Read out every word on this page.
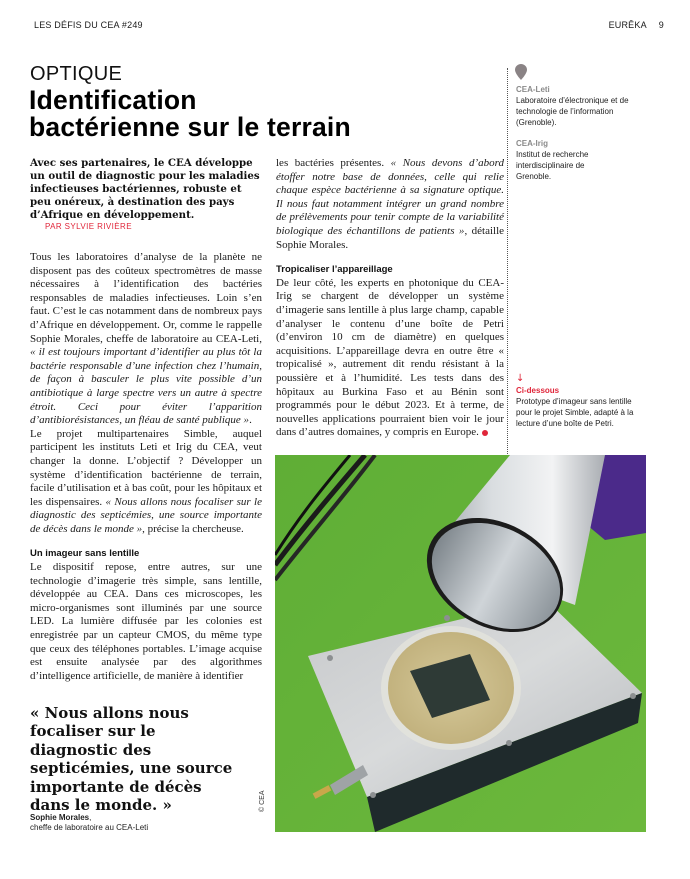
LES DÉFIS DU CEA #249	EURÊKA 9
OPTIQUE
Identification
bactérienne sur le terrain
CEA-Leti
Laboratoire d’électronique et de technologie de l’information (Grenoble).
CEA-Irig
Institut de recherche interdisciplinaire de Grenoble.
↓
Ci-dessous
Prototype d’imageur sans lentille pour le projet Simble, adapté à la lecture d’une boîte de Petri.
Avec ses partenaires, le CEA développe un outil de diagnostic pour les maladies infectieuses bactériennes, robuste et peu onéreux, à destination des pays d’Afrique en développement.
PAR SYLVIE RIVIÈRE
Tous les laboratoires d’analyse de la planète ne disposent pas des coûteux spectromètres de masse nécessaires à l’identification des bactéries responsables de maladies infectieuses. Loin s’en faut. C’est le cas notamment dans de nombreux pays d’Afrique en développement. Or, comme le rappelle Sophie Morales, cheffe de laboratoire au CEA-Leti, « il est toujours important d’identifier au plus tôt la bactérie responsable d’une infection chez l’humain, de façon à basculer le plus vite possible d’un antibiotique à large spectre vers un autre à spectre étroit. Ceci pour éviter l’apparition d’antibiorésistances, un fléau de santé publique ».
Le projet multipartenaires Simble, auquel participent les instituts Leti et Irig du CEA, veut changer la donne. L’objectif ? Développer un système d’identification bactérienne de terrain, facile d’utilisation et à bas coût, pour les hôpitaux et les dispensaires. « Nous allons nous focaliser sur le diagnostic des septicémies, une source importante de décès dans le monde », précise la chercheuse.
Un imageur sans lentille
Le dispositif repose, entre autres, sur une technologie d’imagerie très simple, sans lentille, développée au CEA. Dans ces microscopes, les micro-organismes sont illuminés par une source LED. La lumière diffusée par les colonies est enregistrée par un capteur CMOS, du même type que ceux des téléphones portables. L’image acquise est ensuite analysée par des algorithmes d’intelligence artificielle, de manière à identifier
les bactéries présentes. « Nous devons d’abord étoffer notre base de données, celle qui relie chaque espèce bactérienne à sa signature optique. Il nous faut notamment intégrer un grand nombre de prélèvements pour tenir compte de la variabilité biologique des échantillons de patients », détaille Sophie Morales.
Tropicaliser l’appareillage
De leur côté, les experts en photonique du CEA-Irig se chargent de développer un système d’imagerie sans lentille à plus large champ, capable d’analyser le contenu d’une boîte de Petri (d’environ 10 cm de diamètre) en quelques acquisitions. L’appareillage devra en outre être « tropicalisé », autrement dit rendu résistant à la poussière et à l’humidité. Les tests dans des hôpitaux au Burkina Faso et au Bénin sont programmés pour le début 2023. Et à terme, de nouvelles applications pourraient bien voir le jour dans d’autres domaines, y compris en Europe.
« Nous allons nous focaliser sur le diagnostic des septicémies, une source importante de décès dans le monde. »
Sophie Morales,
cheffe de laboratoire au CEA-Leti
© CEA
